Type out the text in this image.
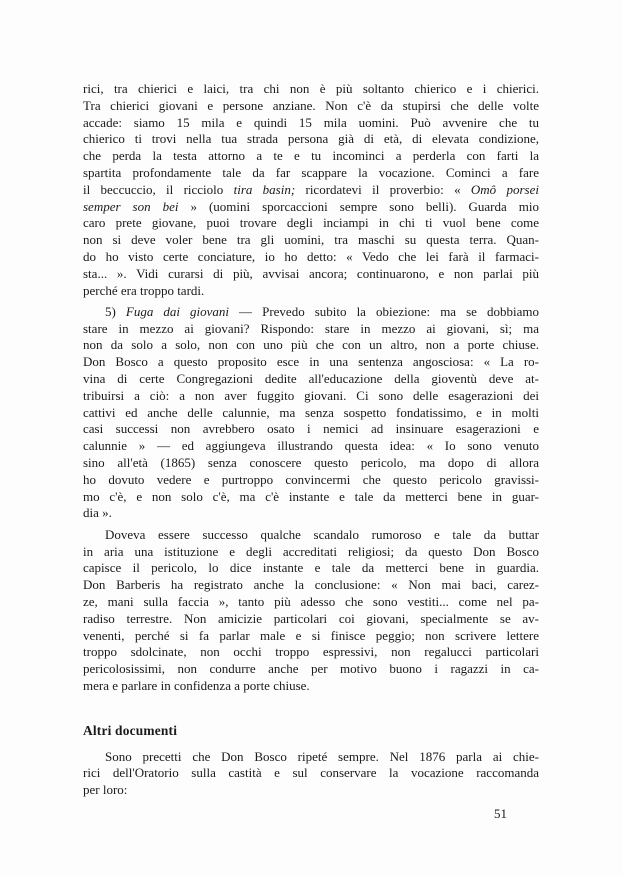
rici, tra chierici e laici, tra chi non è più soltanto chierico e i chierici.
Tra chierici giovani e persone anziane. Non c'è da stupirsi che delle volte
accade: siamo 15 mila e quindi 15 mila uomini. Può avvenire che tu
chierico ti trovi nella tua strada persona già di età, di elevata condizione,
che perda la testa attorno a te e tu incominci a perderla con farti la
spartita profondamente tale da far scappare la vocazione. Cominci a fare
il beccuccio, il ricciolo tira basin; ricordatevi il proverbio: « Omô porsei
semper son bei » (uomini sporcaccioni sempre sono belli). Guarda mio
caro prete giovane, puoi trovare degli inciampi in chi ti vuol bene come
non si deve voler bene tra gli uomini, tra maschi su questa terra. Quan-
do ho visto certe conciature, io ho detto: « Vedo che lei farà il farmaci-
sta... ». Vidi curarsi di più, avvisai ancora; continuarono, e non parlai più
perché era troppo tardi.

5) Fuga dai giovani — Prevedo subito la obiezione: ma se dobbiamo
stare in mezzo ai giovani? Rispondo: stare in mezzo ai giovani, sì; ma
non da solo a solo, non con uno più che con un altro, non a porte chiuse.
Don Bosco a questo proposito esce in una sentenza angosciosa: « La ro-
vina di certe Congregazioni dedite all'educazione della gioventù deve at-
tribuirsi a ciò: a non aver fuggito giovani. Ci sono delle esagerazioni dei
cattivi ed anche delle calunnie, ma senza sospetto fondatissimo, e in molti
casi successi non avrebbero osato i nemici ad insinuare esagerazioni e
calunnie » — ed aggiungeva illustrando questa idea: « Io sono venuto
sino all'età (1865) senza conoscere questo pericolo, ma dopo di allora
ho dovuto vedere e purtroppo convincermi che questo pericolo gravissi-
mo c'è, e non solo c'è, ma c'è instante e tale da metterci bene in guar-
dia ».

Doveva essere successo qualche scandalo rumoroso e tale da buttar
in aria una istituzione e degli accreditati religiosi; da questo Don Bosco
capisce il pericolo, lo dice instante e tale da metterci bene in guardia.
Don Barberis ha registrato anche la conclusione: « Non mai baci, carez-
ze, mani sulla faccia », tanto più adesso che sono vestiti... come nel pa-
radiso terrestre. Non amicizie particolari coi giovani, specialmente se av-
venenti, perché si fa parlar male e si finisce peggio; non scrivere lettere
troppo sdolcinate, non occhi troppo espressivi, non regalucci particolari
pericolosissimi, non condurre anche per motivo buono i ragazzi in ca-
mera e parlare in confidenza a porte chiuse.

Altri documenti

Sono precetti che Don Bosco ripeté sempre. Nel 1876 parla ai chie-
rici dell'Oratorio sulla castità e sul conservare la vocazione raccomanda
per loro:

51
